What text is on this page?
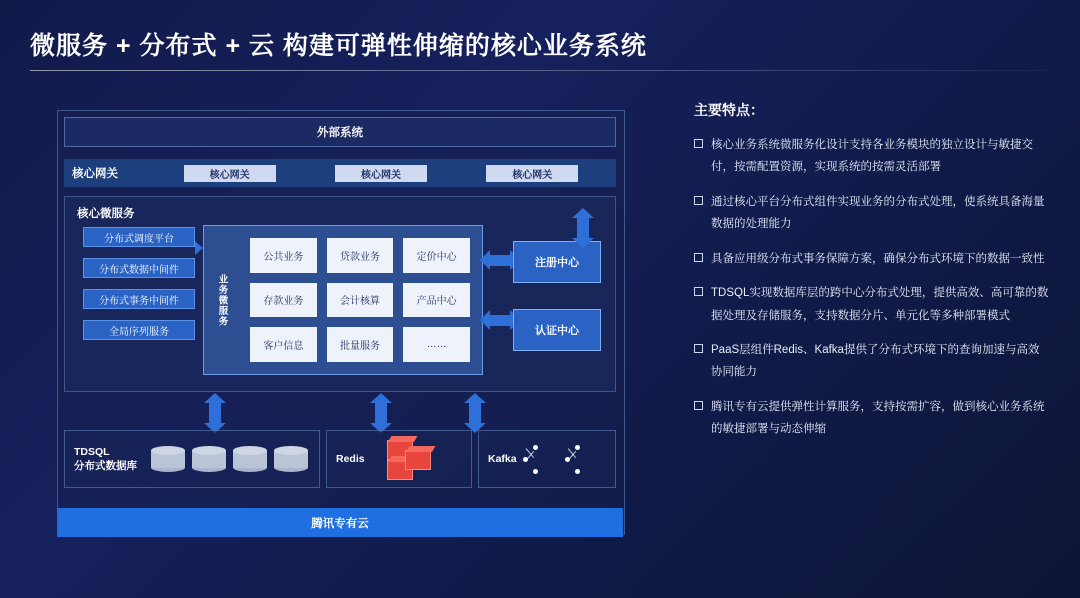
微服务 + 分布式 + 云 构建可弹性伸缩的核心业务系统
外部系统
核心网关	核心网关	核心网关	核心网关
核心微服务
分布式调度平台
分布式数据中间件
分布式事务中间件
全局序列服务
业务微服务
公共业务	贷款业务	定价中心
存款业务	会计核算	产品中心
客户信息	批量服务	……
注册中心
认证中心
TDSQL
分布式数据库
Redis	Kafka
腾讯专有云
主要特点：
核心业务系统微服务化设计支持各业务模块的独立设计与敏捷交付，按需配置资源，实现系统的按需灵活部署
通过核心平台分布式组件实现业务的分布式处理，使系统具备海量数据的处理能力
具备应用级分布式事务保障方案，确保分布式环境下的数据一致性
TDSQL实现数据库层的跨中心分布式处理，提供高效、高可靠的数据处理及存储服务，支持数据分片、单元化等多种部署模式
PaaS层组件Redis、Kafka提供了分布式环境下的查询加速与高效协同能力
腾讯专有云提供弹性计算服务，支持按需扩容，做到核心业务系统的敏捷部署与动态伸缩
